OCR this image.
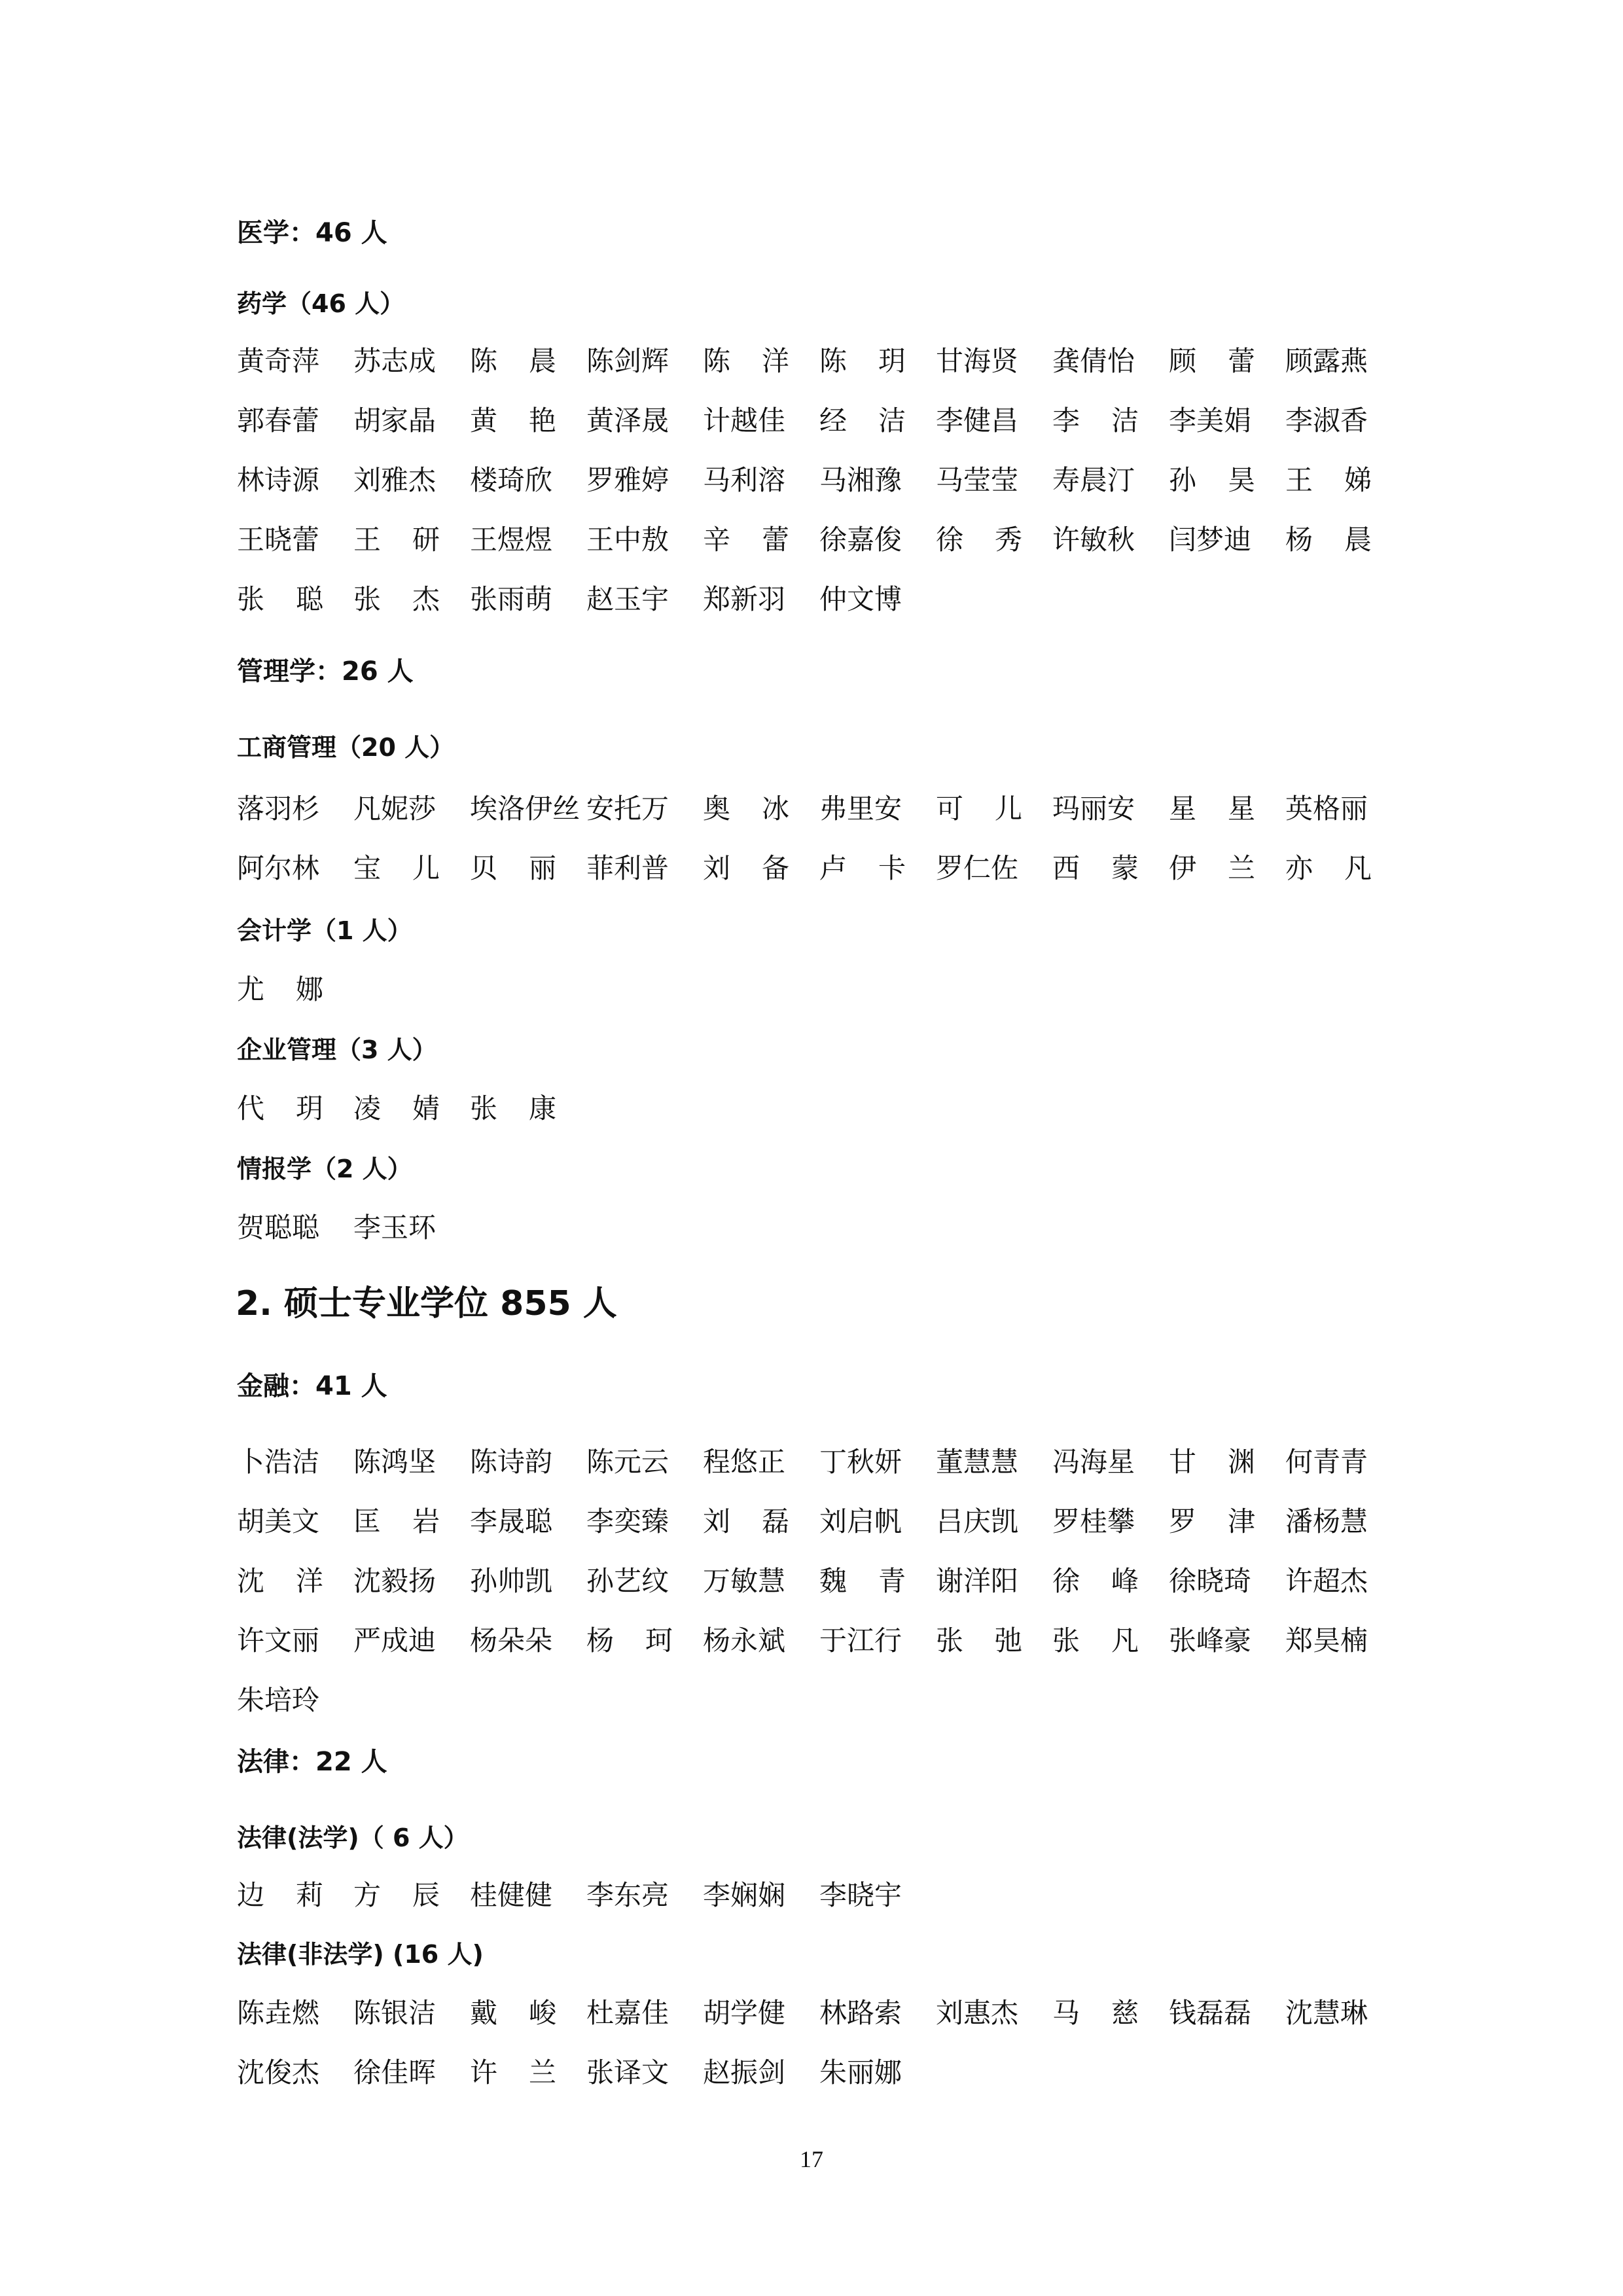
医学：46 人
药学（46 人）
黄奇萍 苏志成 陈 晨 陈剑辉 陈 洋 陈 玥 甘海贤 龚倩怡 顾 蕾 顾露燕
郭春蕾 胡家晶 黄 艳 黄泽晟 计越佳 经 洁 李健昌 李 洁 李美娟 李淑香
林诗源 刘雅杰 楼琦欣 罗雅婷 马利溶 马湘豫 马莹莹 寿晨汀 孙 昊 王 娣
王晓蕾 王 研 王煜煜 王中敖 辛 蕾 徐嘉俊 徐 秀 许敏秋 闫梦迪 杨 晨
张 聪 张 杰 张雨萌 赵玉宇 郑新羽 仲文博
管理学：26 人
工商管理（20 人）
落羽杉 凡妮莎 埃洛伊丝 安托万 奥 冰 弗里安 可 儿 玛丽安 星 星 英格丽
阿尔林 宝 儿 贝 丽 菲利普 刘 备 卢 卡 罗仁佐 西 蒙 伊 兰 亦 凡
会计学（1 人）
尤 娜
企业管理（3 人）
代 玥 凌 婧 张 康
情报学（2 人）
贺聪聪 李玉环
2. 硕士专业学位 855 人
金融：41 人
卜浩洁 陈鸿坚 陈诗韵 陈元云 程悠正 丁秋妍 董慧慧 冯海星 甘 渊 何青青
胡美文 匡 岩 李晟聪 李奕臻 刘 磊 刘启帆 吕庆凯 罗桂攀 罗 津 潘杨慧
沈 洋 沈毅扬 孙帅凯 孙艺纹 万敏慧 魏 青 谢洋阳 徐 峰 徐晓琦 许超杰
许文丽 严成迪 杨朵朵 杨 珂 杨永斌 于江行 张 弛 张 凡 张峰豪 郑昊楠
朱培玲
法律：22 人
法律(法学)（ 6 人）
边 莉 方 辰 桂健健 李东亮 李娴娴 李晓宇
法律(非法学) (16 人)
陈垚燃 陈银洁 戴 峻 杜嘉佳 胡学健 林路索 刘惠杰 马 慈 钱磊磊 沈慧琳
沈俊杰 徐佳晖 许 兰 张译文 赵振剑 朱丽娜
17
